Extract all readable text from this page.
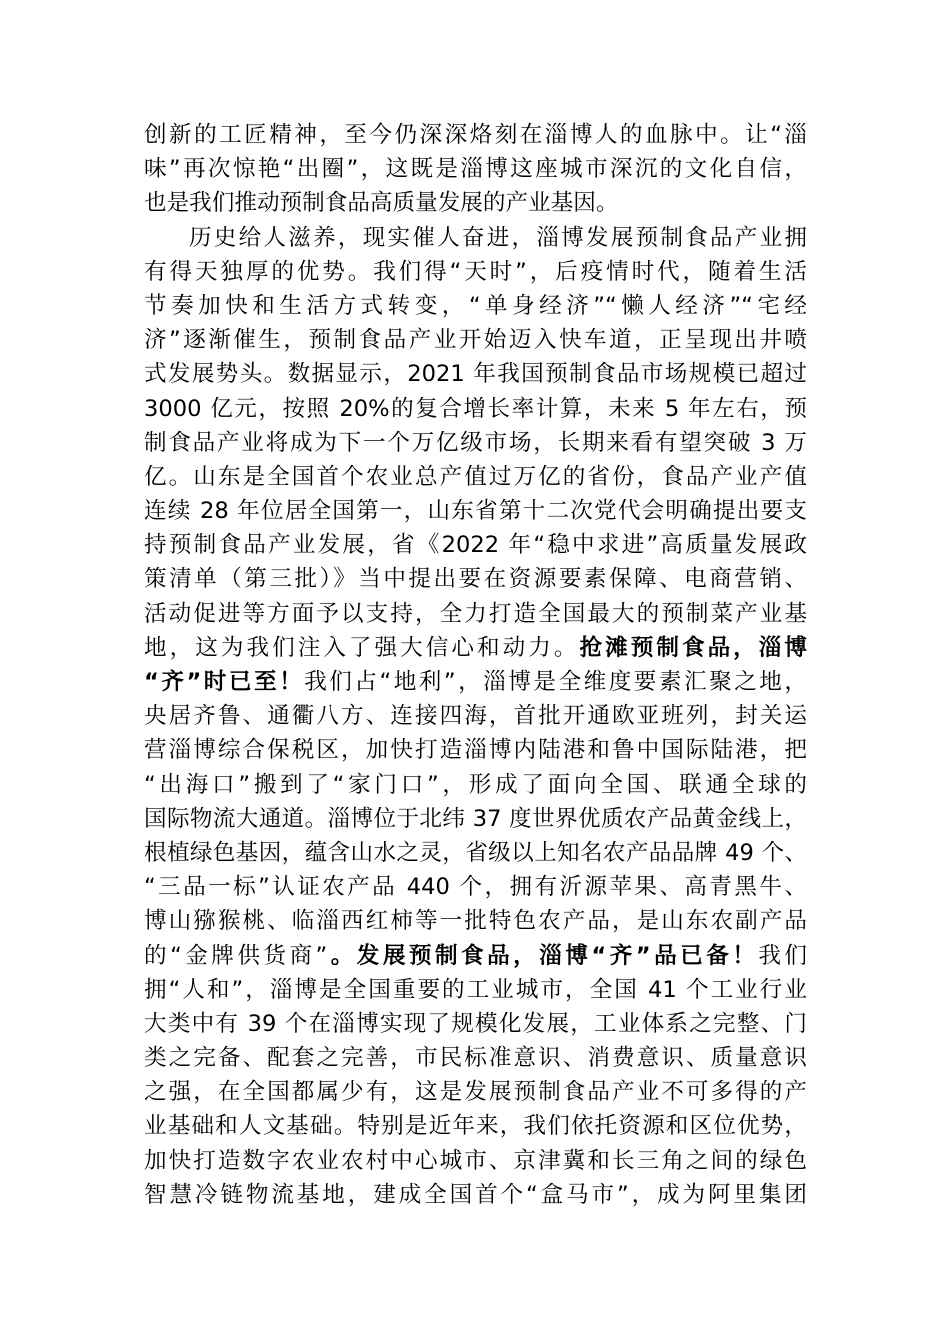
创新的工匠精神，至今仍深深烙刻在淄博人的血脉中。让“淄
味”再次惊艳“出圈”，这既是淄博这座城市深沉的文化自信，
也是我们推动预制食品高质量发展的产业基因。
历史给人滋养，现实催人奋进，淄博发展预制食品产业拥
有得天独厚的优势。我们得“天时”，后疫情时代，随着生活
节奏加快和生活方式转变，“单身经济”“懒人经济”“宅经
济”逐渐催生，预制食品产业开始迈入快车道，正呈现出井喷
式发展势头。数据显示，2021 年我国预制食品市场规模已超过
3000 亿元，按照 20%的复合增长率计算，未来 5 年左右，预
制食品产业将成为下一个万亿级市场，长期来看有望突破 3 万
亿。山东是全国首个农业总产值过万亿的省份，食品产业产值
连续 28 年位居全国第一，山东省第十二次党代会明确提出要支
持预制食品产业发展，省《2022 年“稳中求进”高质量发展政
策清单（第三批）》当中提出要在资源要素保障、电商营销、
活动促进等方面予以支持，全力打造全国最大的预制菜产业基
地，这为我们注入了强大信心和动力。抢滩预制食品，淄博
“齐”时已至！我们占“地利”，淄博是全维度要素汇聚之地，
央居齐鲁、通衢八方、连接四海，首批开通欧亚班列，封关运
营淄博综合保税区，加快打造淄博内陆港和鲁中国际陆港，把
“出海口”搬到了“家门口”，形成了面向全国、联通全球的
国际物流大通道。淄博位于北纬 37 度世界优质农产品黄金线上，
根植绿色基因，蕴含山水之灵，省级以上知名农产品品牌 49 个、
“三品一标”认证农产品 440 个，拥有沂源苹果、高青黑牛、
博山猕猴桃、临淄西红柿等一批特色农产品，是山东农副产品
的“金牌供货商”。发展预制食品，淄博“齐”品已备！我们
拥“人和”，淄博是全国重要的工业城市，全国 41 个工业行业
大类中有 39 个在淄博实现了规模化发展，工业体系之完整、门
类之完备、配套之完善，市民标准意识、消费意识、质量意识
之强，在全国都属少有，这是发展预制食品产业不可多得的产
业基础和人文基础。特别是近年来，我们依托资源和区位优势，
加快打造数字农业农村中心城市、京津冀和长三角之间的绿色
智慧冷链物流基地，建成全国首个“盒马市”，成为阿里集团
